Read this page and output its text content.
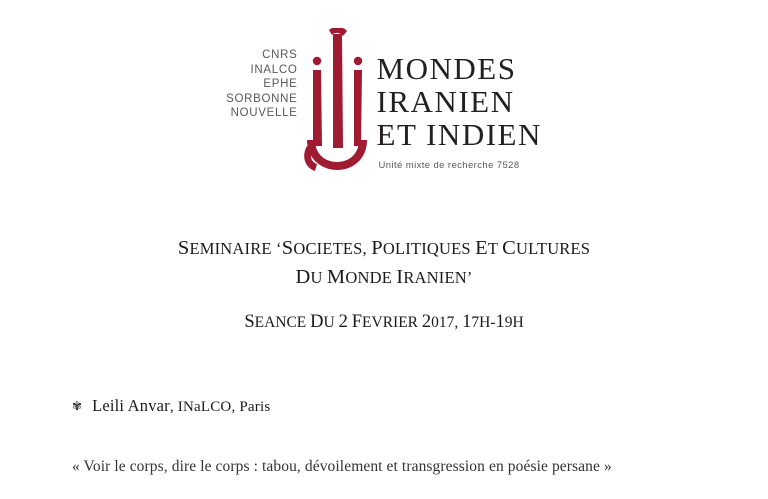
CNRS
INALCO
EPHE
SORBONNE
NOUVELLE
MONDES
IRANIEN
ET INDIEN
Unité mixte de recherche 7528
SEMINAIRE ‘SOCIETES, POLITIQUES ET CULTURES
DU MONDE IRANIEN’
SEANCE DU 2 FEVRIER 2017, 17H-19H
✾ Leili Anvar , INaLCO, Paris
« Voir le corps, dire le corps : tabou, dévoilement et transgression en poésie persane »
